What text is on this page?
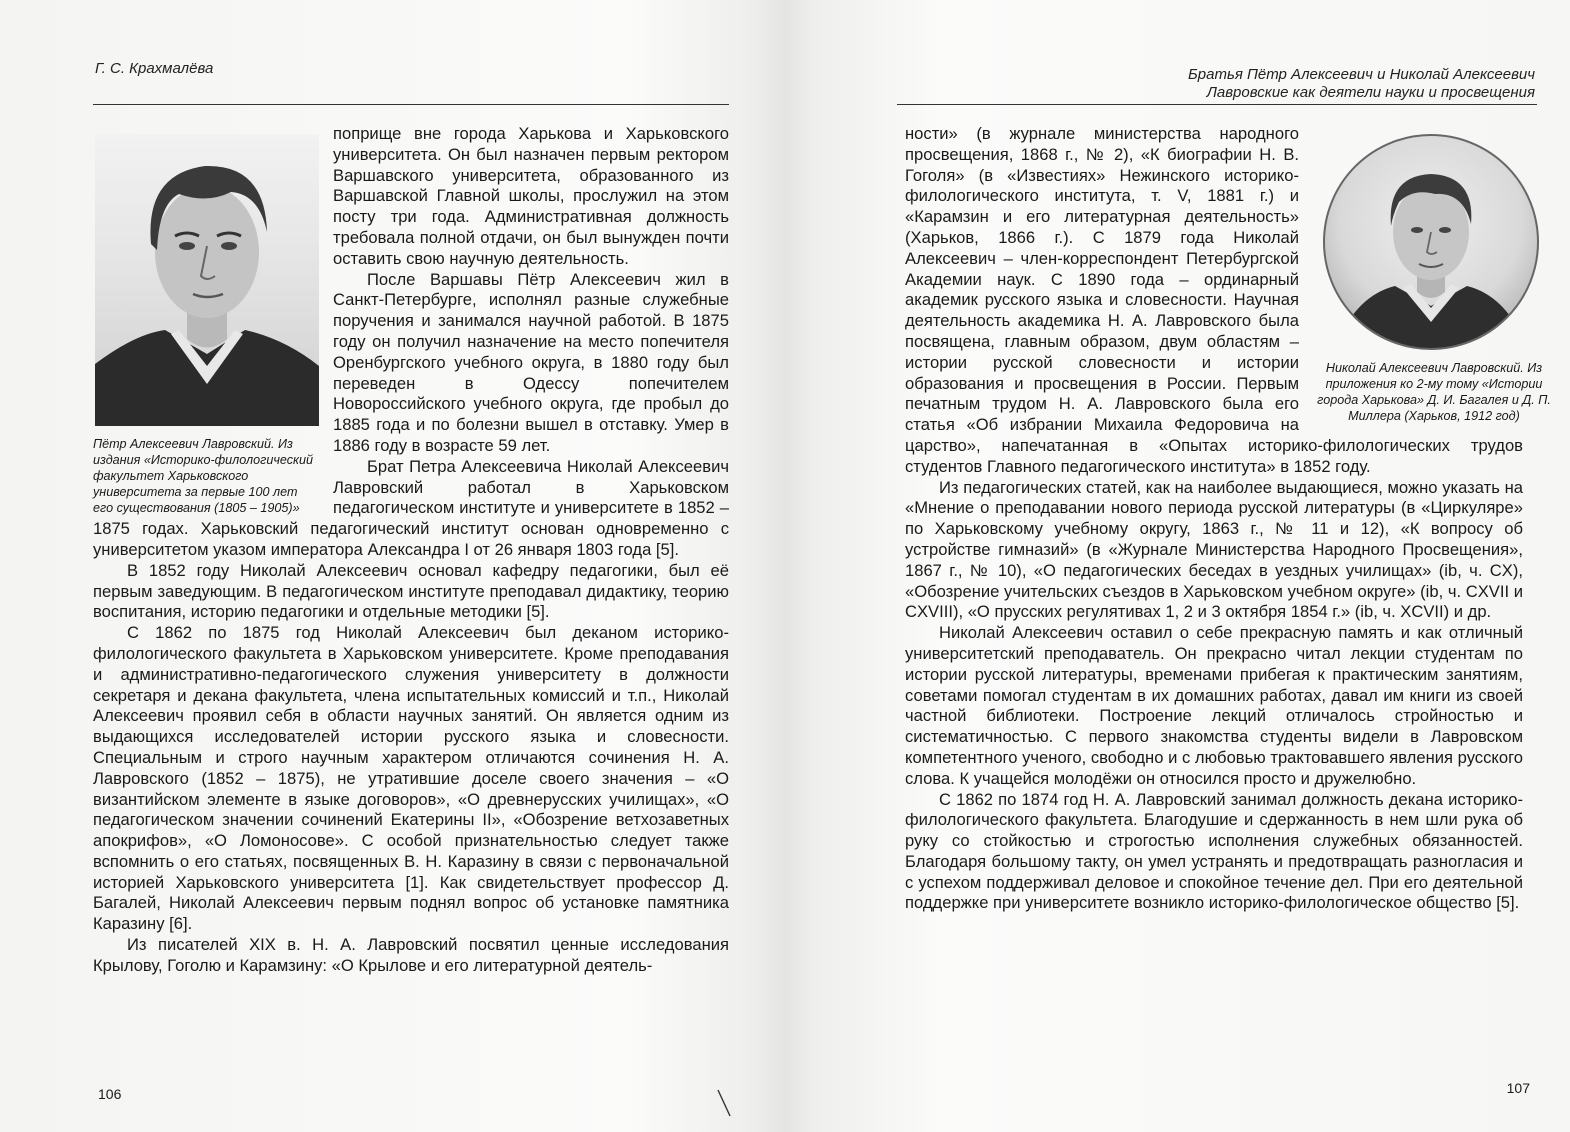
Г. С. Крахмалёва
Пётр Алексеевич Лавровский. Из издания «Историко-филологический факультет Харьковского университета за первые 100 лет его существования (1805 – 1905)»

поприще вне города Харькова и Харьковского университета. Он был назначен первым ректором Варшавского университета, образованного из Варшавской Главной школы, прослужил на этом посту три года. Административная должность требовала полной отдачи, он был вынужден почти оставить свою научную деятельность.

После Варшавы Пётр Алексеевич жил в Санкт-Петербурге, исполнял разные служебные поручения и занимался научной работой. В 1875 году он получил назначение на место попечителя Оренбургского учебного округа, в 1880 году был переведен в Одессу попечителем Новороссийского учебного округа, где пробыл до 1885 года и по болезни вышел в отставку. Умер в 1886 году в возрасте 59 лет.

Брат Петра Алексеевича Николай Алексеевич Лавровский работал в Харьковском педагогическом институте и университете в 1852 – 1875 годах. Харьковский педагогический институт основан одновременно с университетом указом императора Александра I от 26 января 1803 года [5].

В 1852 году Николай Алексеевич основал кафедру педагогики, был её первым заведующим. В педагогическом институте преподавал дидактику, теорию воспитания, историю педагогики и отдельные методики [5].

С 1862 по 1875 год Николай Алексеевич был деканом историко-филологического факультета в Харьковском университете. Кроме преподавания и административно-педагогического служения университету в должности секретаря и декана факультета, члена испытательных комиссий и т.п., Николай Алексеевич проявил себя в области научных занятий. Он является одним из выдающихся исследователей истории русского языка и словесности. Специальным и строго научным характером отличаются сочинения Н. А. Лавровского (1852 – 1875), не утратившие доселе своего значения – «О византийском элементе в языке договоров», «О древнерусских училищах», «О педагогическом значении сочинений Екатерины II», «Обозрение ветхозаветных апокрифов», «О Ломоносове». С особой признательностью следует также вспомнить о его статьях, посвященных В. Н. Каразину в связи с первоначальной историей Харьковского университета [1]. Как свидетельствует профессор Д. Багалей, Николай Алексеевич первым поднял вопрос об установке памятника Каразину [6].

Из писателей XIX в. Н. А. Лавровский посвятил ценные исследования Крылову, Гоголю и Карамзину: «О Крылове и его литературной деятель-

106
Братья Пётр Алексеевич и Николай Алексеевич
Лавровские как деятели науки и просвещения
Николай Алексеевич Лавровский. Из приложения ко 2-му тому «Истории города Харькова» Д. И. Багалея и Д. П. Миллера (Харьков, 1912 год)

ности» (в журнале министерства народного просвещения, 1868 г., № 2), «К биографии Н. В. Гоголя» (в «Известиях» Нежинского историко-филологического института, т. V, 1881 г.) и «Карамзин и его литературная деятельность» (Харьков, 1866 г.). С 1879 года Николай Алексеевич – член-корреспондент Петербургской Академии наук. С 1890 года – ординарный академик русского языка и словесности. Научная деятельность академика Н. А. Лавровского была посвящена, главным образом, двум областям – истории русской словесности и истории образования и просвещения в России. Первым печатным трудом Н. А. Лавровского была его статья «Об избрании Михаила Федоровича на царство», напечатанная в «Опытах историко-филологических трудов студентов Главного педагогического института» в 1852 году.

Из педагогических статей, как на наиболее выдающиеся, можно указать на «Мнение о преподавании нового периода русской литературы (в «Циркуляре» по Харьковскому учебному округу, 1863 г., № 11 и 12), «К вопросу об устройстве гимназий» (в «Журнале Министерства Народного Просвещения», 1867 г., № 10), «О педагогических беседах в уездных училищах» (ib, ч. CX), «Обозрение учительских съездов в Харьковском учебном округе» (ib, ч. CXVII и CXVIII), «О прусских регулятивах 1, 2 и 3 октября 1854 г.» (ib, ч. XCVII) и др.

Николай Алексеевич оставил о себе прекрасную память и как отличный университетский преподаватель. Он прекрасно читал лекции студентам по истории русской литературы, временами прибегая к практическим занятиям, советами помогал студентам в их домашних работах, давал им книги из своей частной библиотеки. Построение лекций отличалось стройностью и систематичностью. С первого знакомства студенты видели в Лавровском компетентного ученого, свободно и с любовью трактовавшего явления русского слова. К учащейся молодёжи он относился просто и дружелюбно.

С 1862 по 1874 год Н. А. Лавровский занимал должность декана историко-филологического факультета. Благодушие и сдержанность в нем шли рука об руку со стойкостью и строгостью исполнения служебных обязанностей. Благодаря большому такту, он умел устранять и предотвращать разногласия и с успехом поддерживал деловое и спокойное течение дел. При его деятельной поддержке при университете возникло историко-филологическое общество [5].

107
